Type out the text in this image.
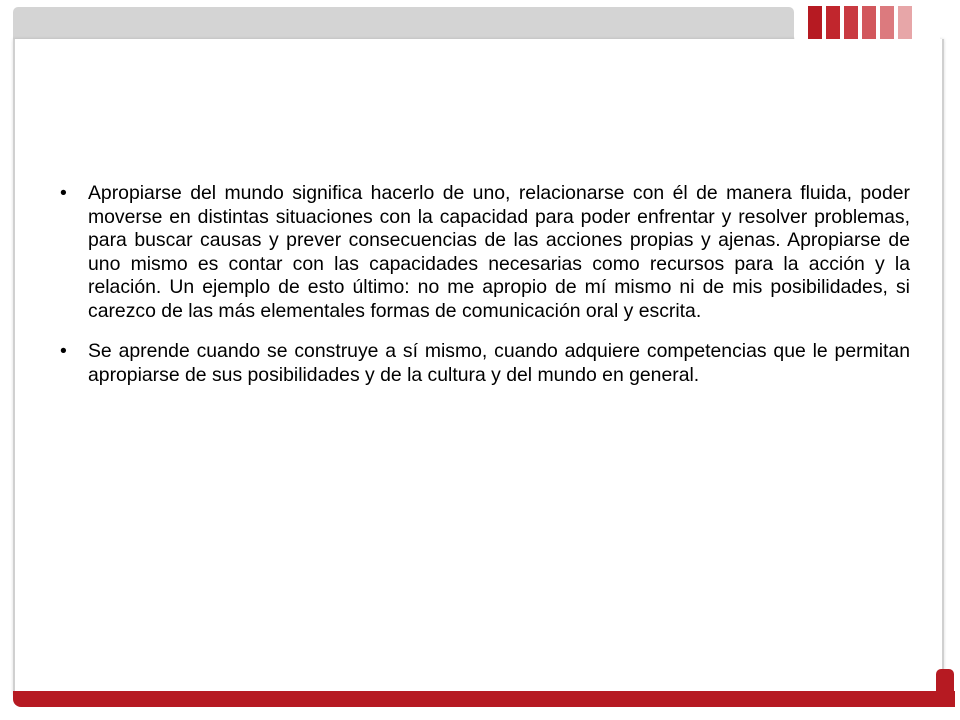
•	Apropiarse del mundo significa hacerlo de uno, relacionarse con él de manera fluida, poder moverse en distintas situaciones con la capacidad para poder enfrentar y resolver problemas, para buscar causas y prever consecuencias de las acciones propias y ajenas. Apropiarse de uno mismo es contar con las capacidades necesarias como recursos para la acción y la relación. Un ejemplo de esto último: no me apropio de mí mismo ni de mis posibilidades, si carezco de las más elementales formas de comunicación oral y escrita.
•	Se aprende cuando se construye a sí mismo, cuando adquiere competencias que le permitan apropiarse de sus posibilidades y de la cultura y del mundo en general.
